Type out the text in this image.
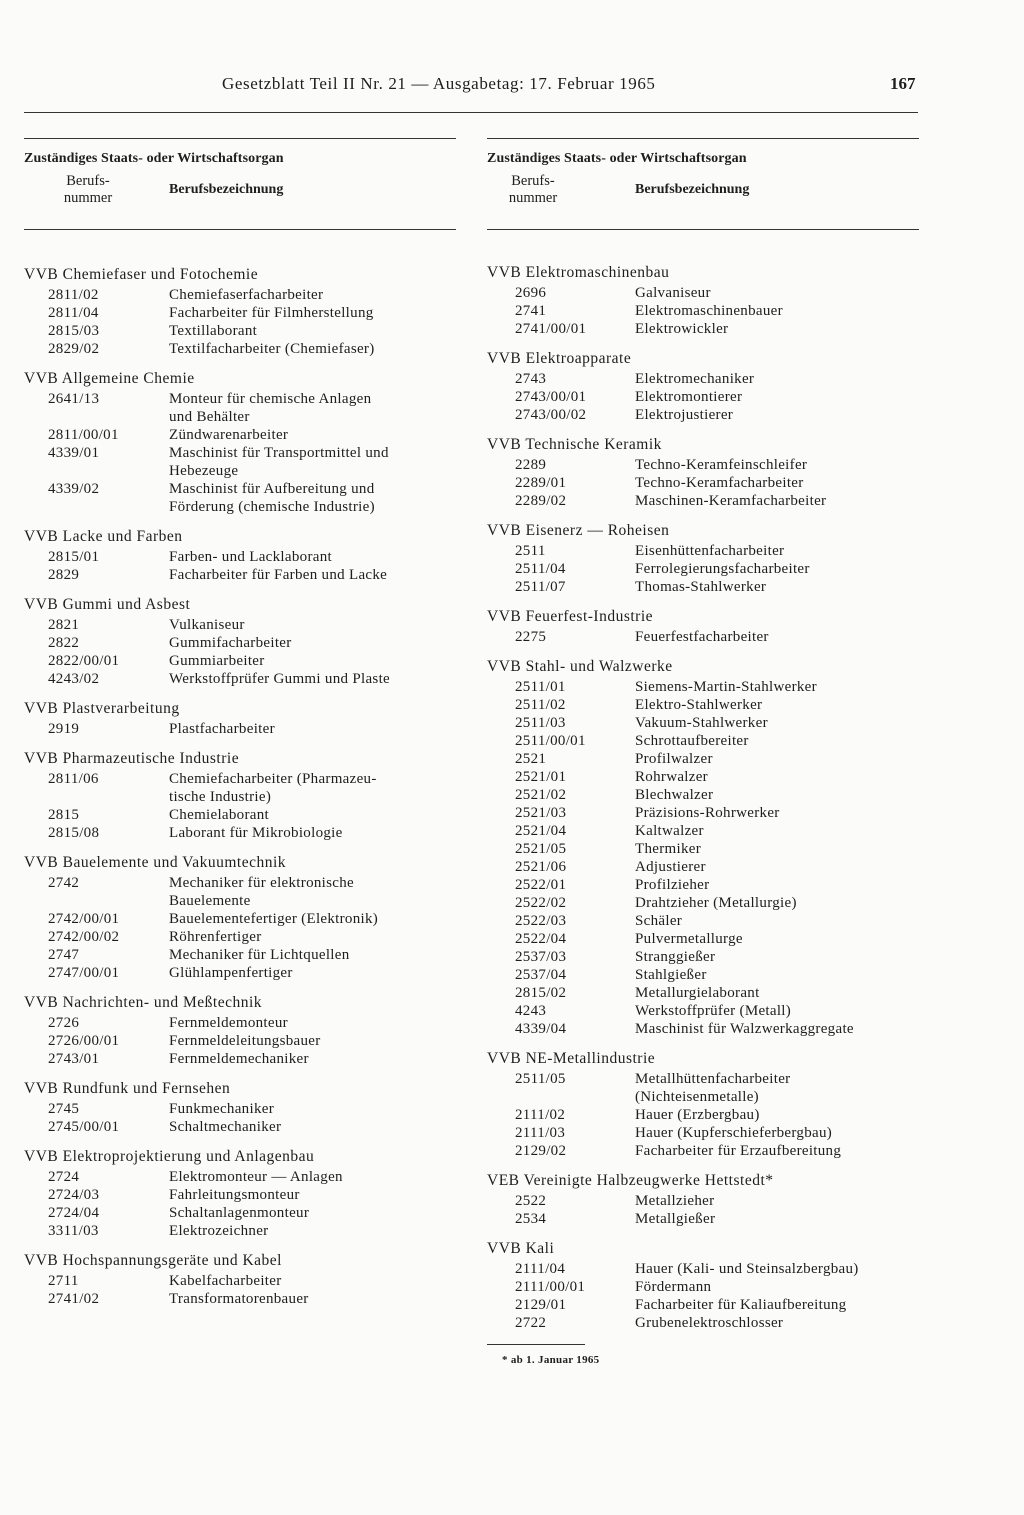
Gesetzblatt Teil II Nr. 21 — Ausgabetag: 17. Februar 1965	167
Zuständiges Staats- oder Wirtschaftsorgan
Berufs-
nummer
Berufsbezeichnung
VVB Chemiefaser und Fotochemie
2811/02	Chemiefaserfacharbeiter
2811/04	Facharbeiter für Filmherstellung
2815/03	Textillaborant
2829/02	Textilfacharbeiter (Chemiefaser)
VVB Allgemeine Chemie
2641/13	Monteur für chemische Anlagen
und Behälter
2811/00/01	Zündwarenarbeiter
4339/01	Maschinist für Transportmittel und
Hebezeuge
4339/02	Maschinist für Aufbereitung und
Förderung (chemische Industrie)
VVB Lacke und Farben
2815/01	Farben- und Lacklaborant
2829	Facharbeiter für Farben und Lacke
VVB Gummi und Asbest
2821	Vulkaniseur
2822	Gummifacharbeiter
2822/00/01	Gummiarbeiter
4243/02	Werkstoffprüfer Gummi und Plaste
VVB Plastverarbeitung
2919	Plastfacharbeiter
VVB Pharmazeutische Industrie
2811/06	Chemiefacharbeiter (Pharmazeu-
tische Industrie)
2815	Chemielaborant
2815/08	Laborant für Mikrobiologie
VVB Bauelemente und Vakuumtechnik
2742	Mechaniker für elektronische
Bauelemente
2742/00/01	Bauelementefertiger (Elektronik)
2742/00/02	Röhrenfertiger
2747	Mechaniker für Lichtquellen
2747/00/01	Glühlampenfertiger
VVB Nachrichten- und Meßtechnik
2726	Fernmeldemonteur
2726/00/01	Fernmeldeleitungsbauer
2743/01	Fernmeldemechaniker
VVB Rundfunk und Fernsehen
2745	Funkmechaniker
2745/00/01	Schaltmechaniker
VVB Elektroprojektierung und Anlagenbau
2724	Elektromonteur — Anlagen
2724/03	Fahrleitungsmonteur
2724/04	Schaltanlagenmonteur
3311/03	Elektrozeichner
VVB Hochspannungsgeräte und Kabel
2711	Kabelfacharbeiter
2741/02	Transformatorenbauer
Zuständiges Staats- oder Wirtschaftsorgan
Berufs-
nummer
Berufsbezeichnung
VVB Elektromaschinenbau
2696	Galvaniseur
2741	Elektromaschinenbauer
2741/00/01	Elektrowickler
VVB Elektroapparate
2743	Elektromechaniker
2743/00/01	Elektromontierer
2743/00/02	Elektrojustierer
VVB Technische Keramik
2289	Techno-Keramfeinschleifer
2289/01	Techno-Keramfacharbeiter
2289/02	Maschinen-Keramfacharbeiter
VVB Eisenerz — Roheisen
2511	Eisenhüttenfacharbeiter
2511/04	Ferrolegierungsfacharbeiter
2511/07	Thomas-Stahlwerker
VVB Feuerfest-Industrie
2275	Feuerfestfacharbeiter
VVB Stahl- und Walzwerke
2511/01	Siemens-Martin-Stahlwerker
2511/02	Elektro-Stahlwerker
2511/03	Vakuum-Stahlwerker
2511/00/01	Schrottaufbereiter
2521	Profilwalzer
2521/01	Rohrwalzer
2521/02	Blechwalzer
2521/03	Präzisions-Rohrwerker
2521/04	Kaltwalzer
2521/05	Thermiker
2521/06	Adjustierer
2522/01	Profilzieher
2522/02	Drahtzieher (Metallurgie)
2522/03	Schäler
2522/04	Pulvermetallurge
2537/03	Stranggießer
2537/04	Stahlgießer
2815/02	Metallurgielaborant
4243	Werkstoffprüfer (Metall)
4339/04	Maschinist für Walzwerkaggregate
VVB NE-Metallindustrie
2511/05	Metallhüttenfacharbeiter
(Nichteisenmetalle)
2111/02	Hauer (Erzbergbau)
2111/03	Hauer (Kupferschieferbergbau)
2129/02	Facharbeiter für Erzaufbereitung
VEB Vereinigte Halbzeugwerke Hettstedt*
2522	Metallzieher
2534	Metallgießer
VVB Kali
2111/04	Hauer (Kali- und Steinsalzbergbau)
2111/00/01	Fördermann
2129/01	Facharbeiter für Kaliaufbereitung
2722	Grubenelektroschlosser
* ab 1. Januar 1965
